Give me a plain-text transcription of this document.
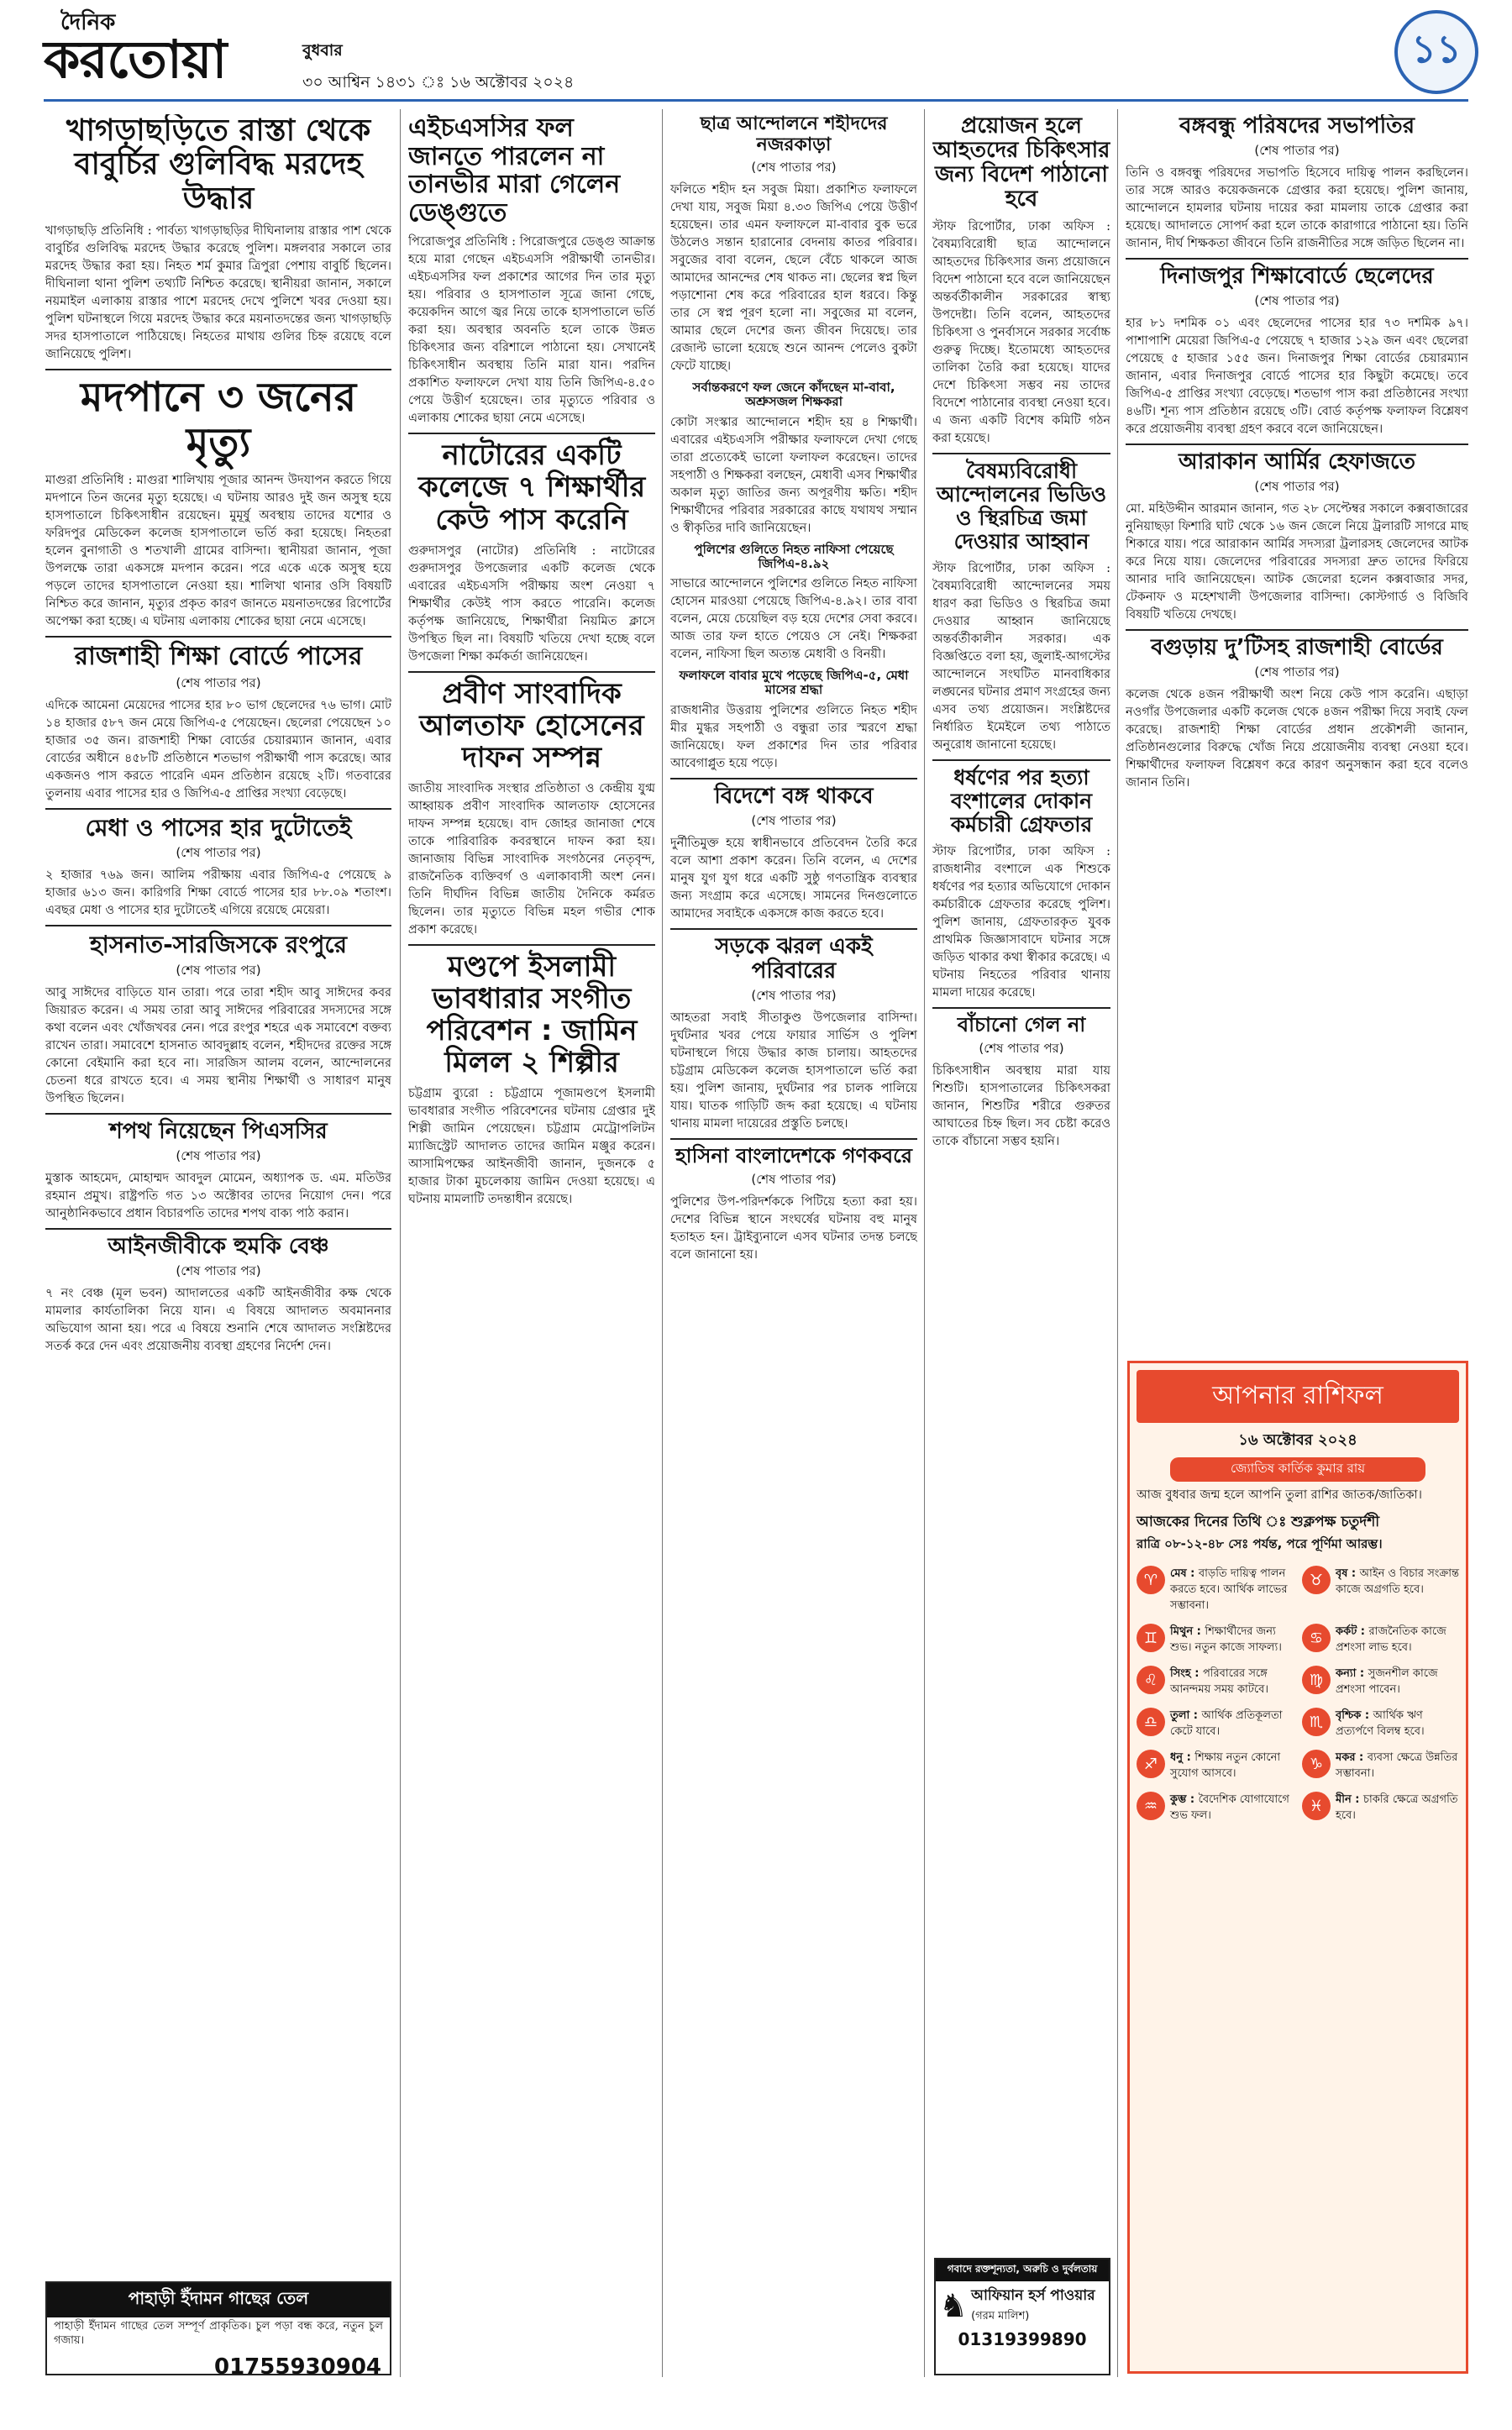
দৈনিক
করতোয়া	বুধবার
৩০ আশ্বিন ১৪৩১ ঃ ১৬ অক্টোবর ২০২৪
১১
খাগড়াছড়িতে রাস্তা থেকে বাবুর্চির গুলিবিদ্ধ মরদেহ উদ্ধার

খাগড়াছড়ি প্রতিনিধি : পার্বত্য খাগড়াছড়ির দীঘিনালায় রাস্তার পাশ থেকে বাবুর্চির গুলিবিদ্ধ মরদেহ উদ্ধার করেছে পুলিশ। মঙ্গলবার সকালে তার মরদেহ উদ্ধার করা হয়। নিহত শর্ম কুমার ত্রিপুরা পেশায় বাবুর্চি ছিলেন। দীঘিনালা থানা পুলিশ তথ্যটি নিশ্চিত করেছে। স্থানীয়রা জানান, সকালে নয়মাইল এলাকায় রাস্তার পাশে মরদেহ দেখে পুলিশে খবর দেওয়া হয়। পুলিশ ঘটনাস্থলে গিয়ে মরদেহ উদ্ধার করে ময়নাতদন্তের জন্য খাগড়াছড়ি সদর হাসপাতালে পাঠিয়েছে। নিহতের মাথায় গুলির চিহ্ন রয়েছে বলে জানিয়েছে পুলিশ।

মদপানে ৩ জনের মৃত্যু

মাগুরা প্রতিনিধি : মাগুরা শালিখায় পূজার আনন্দ উদযাপন করতে গিয়ে মদপানে তিন জনের মৃত্যু হয়েছে। এ ঘটনায় আরও দুই জন অসুস্থ হয়ে হাসপাতালে চিকিৎসাধীন রয়েছেন। মুমূর্ষু অবস্থায় তাদের যশোর ও ফরিদপুর মেডিকেল কলেজ হাসপাতালে ভর্তি করা হয়েছে। নিহতরা হলেন বুনাগাতী ও শতখালী গ্রামের বাসিন্দা। স্থানীয়রা জানান, পূজা উপলক্ষে তারা একসঙ্গে মদপান করেন। পরে একে একে অসুস্থ হয়ে পড়লে তাদের হাসপাতালে নেওয়া হয়। শালিখা থানার ওসি বিষয়টি নিশ্চিত করে জানান, মৃত্যুর প্রকৃত কারণ জানতে ময়নাতদন্তের রিপোর্টের অপেক্ষা করা হচ্ছে। এ ঘটনায় এলাকায় শোকের ছায়া নেমে এসেছে।

রাজশাহী শিক্ষা বোর্ডে পাসের
(শেষ পাতার পর)

এদিকে আমেনা মেয়েদের পাসের হার ৮০ ভাগ ছেলেদের ৭৬ ভাগ। মোট ১৪ হাজার ৫৮৭ জন মেয়ে জিপিএ-৫ পেয়েছেন। ছেলেরা পেয়েছেন ১০ হাজার ৩৫ জন। রাজশাহী শিক্ষা বোর্ডের চেয়ারম্যান জানান, এবার বোর্ডের অধীনে ৪৫৮টি প্রতিষ্ঠানে শতভাগ পরীক্ষার্থী পাস করেছে। আর একজনও পাস করতে পারেনি এমন প্রতিষ্ঠান রয়েছে ২টি। গতবারের তুলনায় এবার পাসের হার ও জিপিএ-৫ প্রাপ্তির সংখ্যা বেড়েছে।

মেধা ও পাসের হার দুটোতেই
(শেষ পাতার পর)

২ হাজার ৭৬৯ জন। আলিম পরীক্ষায় এবার জিপিএ-৫ পেয়েছে ৯ হাজার ৬১৩ জন। কারিগরি শিক্ষা বোর্ডে পাসের হার ৮৮.০৯ শতাংশ। এবছর মেধা ও পাসের হার দুটোতেই এগিয়ে রয়েছে মেয়েরা।

হাসনাত-সারজিসকে রংপুরে
(শেষ পাতার পর)

আবু সাঈদের বাড়িতে যান তারা। পরে তারা শহীদ আবু সাঈদের কবর জিয়ারত করেন। এ সময় তারা আবু সাঈদের পরিবারের সদস্যদের সঙ্গে কথা বলেন এবং খোঁজখবর নেন। পরে রংপুর শহরে এক সমাবেশে বক্তব্য রাখেন তারা। সমাবেশে হাসনাত আবদুল্লাহ বলেন, শহীদদের রক্তের সঙ্গে কোনো বেইমানি করা হবে না। সারজিস আলম বলেন, আন্দোলনের চেতনা ধরে রাখতে হবে। এ সময় স্থানীয় শিক্ষার্থী ও সাধারণ মানুষ উপস্থিত ছিলেন।

শপথ নিয়েছেন পিএসসির
(শেষ পাতার পর)

মুস্তাক আহমেদ, মোহাম্মদ আবদুল মোমেন, অধ্যাপক ড. এম. মতিউর রহমান প্রমুখ। রাষ্ট্রপতি গত ১৩ অক্টোবর তাদের নিয়োগ দেন। পরে আনুষ্ঠানিকভাবে প্রধান বিচারপতি তাদের শপথ বাক্য পাঠ করান।

আইনজীবীকে হুমকি বেঞ্চ
(শেষ পাতার পর)

৭ নং বেঞ্চ (মূল ভবন) আদালতের একটি আইনজীবীর কক্ষ থেকে মামলার কার্যতালিকা নিয়ে যান। এ বিষয়ে আদালত অবমাননার অভিযোগ আনা হয়। পরে এ বিষয়ে শুনানি শেষে আদালত সংশ্লিষ্টদের সতর্ক করে দেন এবং প্রয়োজনীয় ব্যবস্থা গ্রহণের নির্দেশ দেন।

পাহাড়ী ইঁদামন গাছের তেল
পাহাড়ী ইঁদামন গাছের তেল সম্পূর্ণ প্রাকৃতিক। চুল পড়া বন্ধ করে, নতুন চুল গজায়।
01755930904
এইচএসসির ফল জানতে পারলেন না তানভীর মারা গেলেন ডেঙ্গুতে

পিরোজপুর প্রতিনিধি : পিরোজপুরে ডেঙ্গু আক্রান্ত হয়ে মারা গেছেন এইচএসসি পরীক্ষার্থী তানভীর। এইচএসসির ফল প্রকাশের আগের দিন তার মৃত্যু হয়। পরিবার ও হাসপাতাল সূত্রে জানা গেছে, কয়েকদিন আগে জ্বর নিয়ে তাকে হাসপাতালে ভর্তি করা হয়। অবস্থার অবনতি হলে তাকে উন্নত চিকিৎসার জন্য বরিশালে পাঠানো হয়। সেখানেই চিকিৎসাধীন অবস্থায় তিনি মারা যান। পরদিন প্রকাশিত ফলাফলে দেখা যায় তিনি জিপিএ-৪.৫০ পেয়ে উত্তীর্ণ হয়েছেন। তার মৃত্যুতে পরিবার ও এলাকায় শোকের ছায়া নেমে এসেছে।

নাটোরের একটি কলেজে ৭ শিক্ষার্থীর কেউ পাস করেনি

গুরুদাসপুর (নাটোর) প্রতিনিধি : নাটোরের গুরুদাসপুর উপজেলার একটি কলেজ থেকে এবারের এইচএসসি পরীক্ষায় অংশ নেওয়া ৭ শিক্ষার্থীর কেউই পাস করতে পারেনি। কলেজ কর্তৃপক্ষ জানিয়েছে, শিক্ষার্থীরা নিয়মিত ক্লাসে উপস্থিত ছিল না। বিষয়টি খতিয়ে দেখা হচ্ছে বলে উপজেলা শিক্ষা কর্মকর্তা জানিয়েছেন।

প্রবীণ সাংবাদিক আলতাফ হোসেনের দাফন সম্পন্ন

জাতীয় সাংবাদিক সংস্থার প্রতিষ্ঠাতা ও কেন্দ্রীয় যুগ্ম আহ্বায়ক প্রবীণ সাংবাদিক আলতাফ হোসেনের দাফন সম্পন্ন হয়েছে। বাদ জোহর জানাজা শেষে তাকে পারিবারিক কবরস্থানে দাফন করা হয়। জানাজায় বিভিন্ন সাংবাদিক সংগঠনের নেতৃবৃন্দ, রাজনৈতিক ব্যক্তিবর্গ ও এলাকাবাসী অংশ নেন। তিনি দীর্ঘদিন বিভিন্ন জাতীয় দৈনিকে কর্মরত ছিলেন। তার মৃত্যুতে বিভিন্ন মহল গভীর শোক প্রকাশ করেছে।

মণ্ডপে ইসলামী ভাবধারার সংগীত পরিবেশন : জামিন মিলল ২ শিল্পীর

চট্টগ্রাম ব্যুরো : চট্টগ্রামে পূজামণ্ডপে ইসলামী ভাবধারার সংগীত পরিবেশনের ঘটনায় গ্রেপ্তার দুই শিল্পী জামিন পেয়েছেন। চট্টগ্রাম মেট্রোপলিটন ম্যাজিস্ট্রেট আদালত তাদের জামিন মঞ্জুর করেন। আসামিপক্ষের আইনজীবী জানান, দুজনকে ৫ হাজার টাকা মুচলেকায় জামিন দেওয়া হয়েছে। এ ঘটনায় মামলাটি তদন্তাধীন রয়েছে।

ছাত্র আন্দোলনে শহীদদের নজরকাড়া
(শেষ পাতার পর)

ফলিতে শহীদ হন সবুজ মিয়া। প্রকাশিত ফলাফলে দেখা যায়, সবুজ মিয়া ৪.৩৩ জিপিএ পেয়ে উত্তীর্ণ হয়েছেন। তার এমন ফলাফলে মা-বাবার বুক ভরে উঠলেও সন্তান হারানোর বেদনায় কাতর পরিবার। সবুজের বাবা বলেন, ছেলে বেঁচে থাকলে আজ আমাদের আনন্দের শেষ থাকত না। ছেলের স্বপ্ন ছিল পড়াশোনা শেষ করে পরিবারের হাল ধরবে। কিন্তু তার সে স্বপ্ন পূরণ হলো না। সবুজের মা বলেন, আমার ছেলে দেশের জন্য জীবন দিয়েছে। তার রেজাল্ট ভালো হয়েছে শুনে আনন্দ পেলেও বুকটা ফেটে যাচ্ছে।

সর্বান্তকরণে ফল জেনে কাঁদছেন মা-বাবা, অশ্রুসজল শিক্ষকরা

কোটা সংস্কার আন্দোলনে শহীদ হয় ৪ শিক্ষার্থী। এবারের এইচএসসি পরীক্ষার ফলাফলে দেখা গেছে তারা প্রত্যেকেই ভালো ফলাফল করেছেন। তাদের সহপাঠী ও শিক্ষকরা বলছেন, মেধাবী এসব শিক্ষার্থীর অকাল মৃত্যু জাতির জন্য অপূরণীয় ক্ষতি। শহীদ শিক্ষার্থীদের পরিবার সরকারের কাছে যথাযথ সম্মান ও স্বীকৃতির দাবি জানিয়েছেন।

পুলিশের গুলিতে নিহত নাফিসা পেয়েছে জিপিএ-৪.৯২

সাভারে আন্দোলনে পুলিশের গুলিতে নিহত নাফিসা হোসেন মারওয়া পেয়েছে জিপিএ-৪.৯২। তার বাবা বলেন, মেয়ে চেয়েছিল বড় হয়ে দেশের সেবা করবে। আজ তার ফল হাতে পেয়েও সে নেই। শিক্ষকরা বলেন, নাফিসা ছিল অত্যন্ত মেধাবী ও বিনয়ী।

ফলাফলে বাবার মুখে পড়েছে জিপিএ-৫, মেধা মাসের শ্রদ্ধা

রাজধানীর উত্তরায় পুলিশের গুলিতে নিহত শহীদ মীর মুগ্ধর সহপাঠী ও বন্ধুরা তার স্মরণে শ্রদ্ধা জানিয়েছে। ফল প্রকাশের দিন তার পরিবার আবেগাপ্লুত হয়ে পড়ে।

বিদেশে বঙ্গ থাকবে
(শেষ পাতার পর)

দুর্নীতিমুক্ত হয়ে স্বাধীনভাবে প্রতিবেদন তৈরি করে বলে আশা প্রকাশ করেন। তিনি বলেন, এ দেশের মানুষ যুগ যুগ ধরে একটি সুষ্ঠু গণতান্ত্রিক ব্যবস্থার জন্য সংগ্রাম করে এসেছে। সামনের দিনগুলোতে আমাদের সবাইকে একসঙ্গে কাজ করতে হবে।

সড়কে ঝরল একই পরিবারের
(শেষ পাতার পর)

আহতরা সবাই সীতাকুণ্ড উপজেলার বাসিন্দা। দুর্ঘটনার খবর পেয়ে ফায়ার সার্ভিস ও পুলিশ ঘটনাস্থলে গিয়ে উদ্ধার কাজ চালায়। আহতদের চট্টগ্রাম মেডিকেল কলেজ হাসপাতালে ভর্তি করা হয়। পুলিশ জানায়, দুর্ঘটনার পর চালক পালিয়ে যায়। ঘাতক গাড়িটি জব্দ করা হয়েছে। এ ঘটনায় থানায় মামলা দায়েরের প্রস্তুতি চলছে।

হাসিনা বাংলাদেশকে গণকবরে
(শেষ পাতার পর)

পুলিশের উপ-পরিদর্শককে পিটিয়ে হত্যা করা হয়। দেশের বিভিন্ন স্থানে সংঘর্ষের ঘটনায় বহু মানুষ হতাহত হন। ট্রাইব্যুনালে এসব ঘটনার তদন্ত চলছে বলে জানানো হয়।

প্রয়োজন হলে আহতদের চিকিৎসার জন্য বিদেশ পাঠানো হবে

স্টাফ রিপোর্টার, ঢাকা অফিস : বৈষম্যবিরোধী ছাত্র আন্দোলনে আহতদের চিকিৎসার জন্য প্রয়োজনে বিদেশ পাঠানো হবে বলে জানিয়েছেন অন্তর্বর্তীকালীন সরকারের স্বাস্থ্য উপদেষ্টা। তিনি বলেন, আহতদের চিকিৎসা ও পুনর্বাসনে সরকার সর্বোচ্চ গুরুত্ব দিচ্ছে। ইতোমধ্যে আহতদের তালিকা তৈরি করা হয়েছে। যাদের দেশে চিকিৎসা সম্ভব নয় তাদের বিদেশে পাঠানোর ব্যবস্থা নেওয়া হবে। এ জন্য একটি বিশেষ কমিটি গঠন করা হয়েছে।

বৈষম্যবিরোধী আন্দোলনের ভিডিও ও স্থিরচিত্র জমা দেওয়ার আহ্বান

স্টাফ রিপোর্টার, ঢাকা অফিস : বৈষম্যবিরোধী আন্দোলনের সময় ধারণ করা ভিডিও ও স্থিরচিত্র জমা দেওয়ার আহ্বান জানিয়েছে অন্তর্বর্তীকালীন সরকার। এক বিজ্ঞপ্তিতে বলা হয়, জুলাই-আগস্টের আন্দোলনে সংঘটিত মানবাধিকার লঙ্ঘনের ঘটনার প্রমাণ সংগ্রহের জন্য এসব তথ্য প্রয়োজন। সংশ্লিষ্টদের নির্ধারিত ইমেইলে তথ্য পাঠাতে অনুরোধ জানানো হয়েছে।

ধর্ষণের পর হত্যা বংশালের দোকান কর্মচারী গ্রেফতার

স্টাফ রিপোর্টার, ঢাকা অফিস : রাজধানীর বংশালে এক শিশুকে ধর্ষণের পর হত্যার অভিযোগে দোকান কর্মচারীকে গ্রেফতার করেছে পুলিশ। পুলিশ জানায়, গ্রেফতারকৃত যুবক প্রাথমিক জিজ্ঞাসাবাদে ঘটনার সঙ্গে জড়িত থাকার কথা স্বীকার করেছে। এ ঘটনায় নিহতের পরিবার থানায় মামলা দায়ের করেছে।

বাঁচানো গেল না
(শেষ পাতার পর)

চিকিৎসাধীন অবস্থায় মারা যায় শিশুটি। হাসপাতালের চিকিৎসকরা জানান, শিশুটির শরীরে গুরুতর আঘাতের চিহ্ন ছিল। সব চেষ্টা করেও তাকে বাঁচানো সম্ভব হয়নি।

গবাদে রক্তশূন্যতা, অরুচি ও দুর্বলতায়
♞ আফিয়ান হর্স পাওয়ার
(গরম মালিশ)
01319399890
বঙ্গবন্ধু পরিষদের সভাপতির
(শেষ পাতার পর)

তিনি ও বঙ্গবন্ধু পরিষদের সভাপতি হিসেবে দায়িত্ব পালন করছিলেন। তার সঙ্গে আরও কয়েকজনকে গ্রেপ্তার করা হয়েছে। পুলিশ জানায়, আন্দোলনে হামলার ঘটনায় দায়ের করা মামলায় তাকে গ্রেপ্তার করা হয়েছে। আদালতে সোপর্দ করা হলে তাকে কারাগারে পাঠানো হয়। তিনি জানান, দীর্ঘ শিক্ষকতা জীবনে তিনি রাজনীতির সঙ্গে জড়িত ছিলেন না।

দিনাজপুর শিক্ষাবোর্ডে ছেলেদের
(শেষ পাতার পর)

হার ৮১ দশমিক ০১ এবং ছেলেদের পাসের হার ৭৩ দশমিক ৯৭। পাশাপাশি মেয়েরা জিপিএ-৫ পেয়েছে ৭ হাজার ১২৯ জন এবং ছেলেরা পেয়েছে ৫ হাজার ১৫৫ জন। দিনাজপুর শিক্ষা বোর্ডের চেয়ারম্যান জানান, এবার দিনাজপুর বোর্ডে পাসের হার কিছুটা কমেছে। তবে জিপিএ-৫ প্রাপ্তির সংখ্যা বেড়েছে। শতভাগ পাস করা প্রতিষ্ঠানের সংখ্যা ৪৬টি। শূন্য পাস প্রতিষ্ঠান রয়েছে ৩টি। বোর্ড কর্তৃপক্ষ ফলাফল বিশ্লেষণ করে প্রয়োজনীয় ব্যবস্থা গ্রহণ করবে বলে জানিয়েছেন।

আরাকান আর্মির হেফাজতে
(শেষ পাতার পর)

মো. মহিউদ্দীন আরমান জানান, গত ২৮ সেপ্টেম্বর সকালে কক্সবাজারের নুনিয়াছড়া ফিশারি ঘাট থেকে ১৬ জন জেলে নিয়ে ট্রলারটি সাগরে মাছ শিকারে যায়। পরে আরাকান আর্মির সদস্যরা ট্রলারসহ জেলেদের আটক করে নিয়ে যায়। জেলেদের পরিবারের সদস্যরা দ্রুত তাদের ফিরিয়ে আনার দাবি জানিয়েছেন। আটক জেলেরা হলেন কক্সবাজার সদর, টেকনাফ ও মহেশখালী উপজেলার বাসিন্দা। কোস্টগার্ড ও বিজিবি বিষয়টি খতিয়ে দেখছে।

বগুড়ায় দু’টিসহ রাজশাহী বোর্ডের
(শেষ পাতার পর)

কলেজ থেকে ৪জন পরীক্ষার্থী অংশ নিয়ে কেউ পাস করেনি। এছাড়া নওগাঁর উপজেলার একটি কলেজ থেকে ৪জন পরীক্ষা দিয়ে সবাই ফেল করেছে। রাজশাহী শিক্ষা বোর্ডের প্রধান প্রকৌশলী জানান, প্রতিষ্ঠানগুলোর বিরুদ্ধে খোঁজ নিয়ে প্রয়োজনীয় ব্যবস্থা নেওয়া হবে। শিক্ষার্থীদের ফলাফল বিশ্লেষণ করে কারণ অনুসন্ধান করা হবে বলেও জানান তিনি।

আপনার রাশিফল
১৬ অক্টোবর ২০২৪
জ্যোতিষ কার্তিক কুমার রায়
আজ বুধবার জন্ম হলে আপনি তুলা রাশির জাতক/জাতিকা।
আজকের দিনের তিথি ঃ শুক্লপক্ষ চতুর্দশী
রাত্রি ০৮-১২-৪৮ সেঃ পর্যন্ত, পরে পূর্ণিমা আরম্ভ।
♈	মেষ : বাড়তি দায়িত্ব পালন করতে হবে। আর্থিক লাভের সম্ভাবনা।
♉	বৃষ : আইন ও বিচার সংক্রান্ত কাজে অগ্রগতি হবে।
♊	মিথুন : শিক্ষার্থীদের জন্য শুভ। নতুন কাজে সাফল্য।
♋	কর্কট : রাজনৈতিক কাজে প্রশংসা লাভ হবে।
♌	সিংহ : পরিবারের সঙ্গে আনন্দময় সময় কাটবে।
♍	কন্যা : সুজনশীল কাজে প্রশংসা পাবেন।
♎	তুলা : আর্থিক প্রতিকূলতা কেটে যাবে।
♏	বৃশ্চিক : আর্থিক ঋণ প্রত্যর্পণে বিলম্ব হবে।
♐	ধনু : শিক্ষায় নতুন কোনো সুযোগ আসবে।
♑	মকর : ব্যবসা ক্ষেত্রে উন্নতির সম্ভাবনা।
♒	কুম্ভ : বৈদেশিক যোগাযোগে শুভ ফল।
♓	মীন : চাকরি ক্ষেত্রে অগ্রগতি হবে।
